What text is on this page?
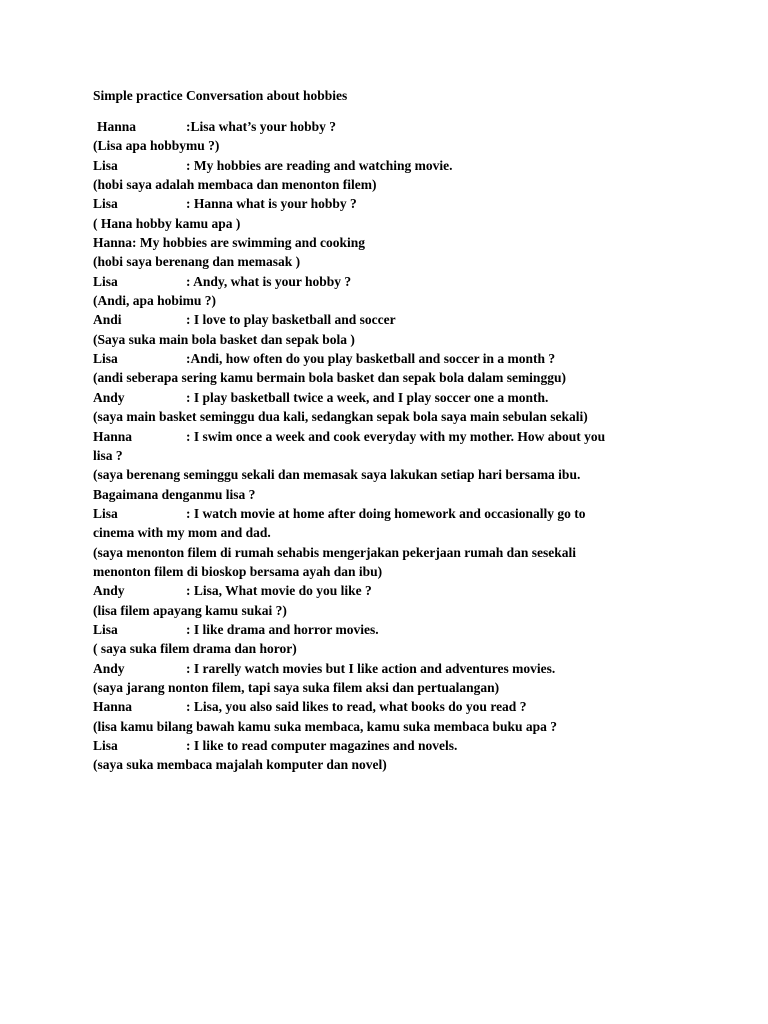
Simple practice Conversation about hobbies
Hanna	:Lisa what’s your hobby ?
(Lisa apa hobbymu ?)
Lisa	: My hobbies are reading and watching movie.
(hobi saya adalah membaca dan menonton filem)
Lisa	: Hanna what is your hobby ?
( Hana hobby kamu apa )
Hanna : My hobbies are swimming and cooking
(hobi saya berenang dan memasak )
Lisa	: Andy, what is your hobby ?
(Andi, apa hobimu ?)
Andi	: I love to play basketball and soccer
(Saya suka main bola basket dan sepak bola )
Lisa	:Andi, how often do you play basketball and soccer in a month ?
(andi seberapa sering kamu bermain bola basket dan sepak bola dalam seminggu)
Andy	: I play basketball twice a week, and I play soccer one a month.
(saya main basket seminggu dua kali, sedangkan sepak bola saya main sebulan sekali)
Hanna	: I swim once a week and cook everyday with my mother. How about you
lisa ?
(saya berenang seminggu sekali dan memasak saya lakukan setiap hari bersama ibu.
Bagaimana denganmu lisa ?
Lisa	: I watch movie at home after doing homework and occasionally go to
cinema with my mom and dad.
(saya menonton filem di rumah sehabis mengerjakan pekerjaan rumah dan sesekali
menonton filem di bioskop bersama ayah dan ibu)
Andy	: Lisa, What movie do you like ?
(lisa filem apayang kamu sukai ?)
Lisa	: I like drama and horror movies.
( saya suka filem drama dan horor)
Andy	: I rarelly watch movies but I like action and adventures movies.
(saya jarang nonton filem, tapi saya suka filem aksi dan pertualangan)
Hanna	: Lisa, you also said likes to read, what books do you read ?
(lisa kamu bilang bawah kamu suka membaca, kamu suka membaca buku apa ?
Lisa	: I like to read computer magazines and novels.
(saya suka membaca majalah komputer dan novel)
